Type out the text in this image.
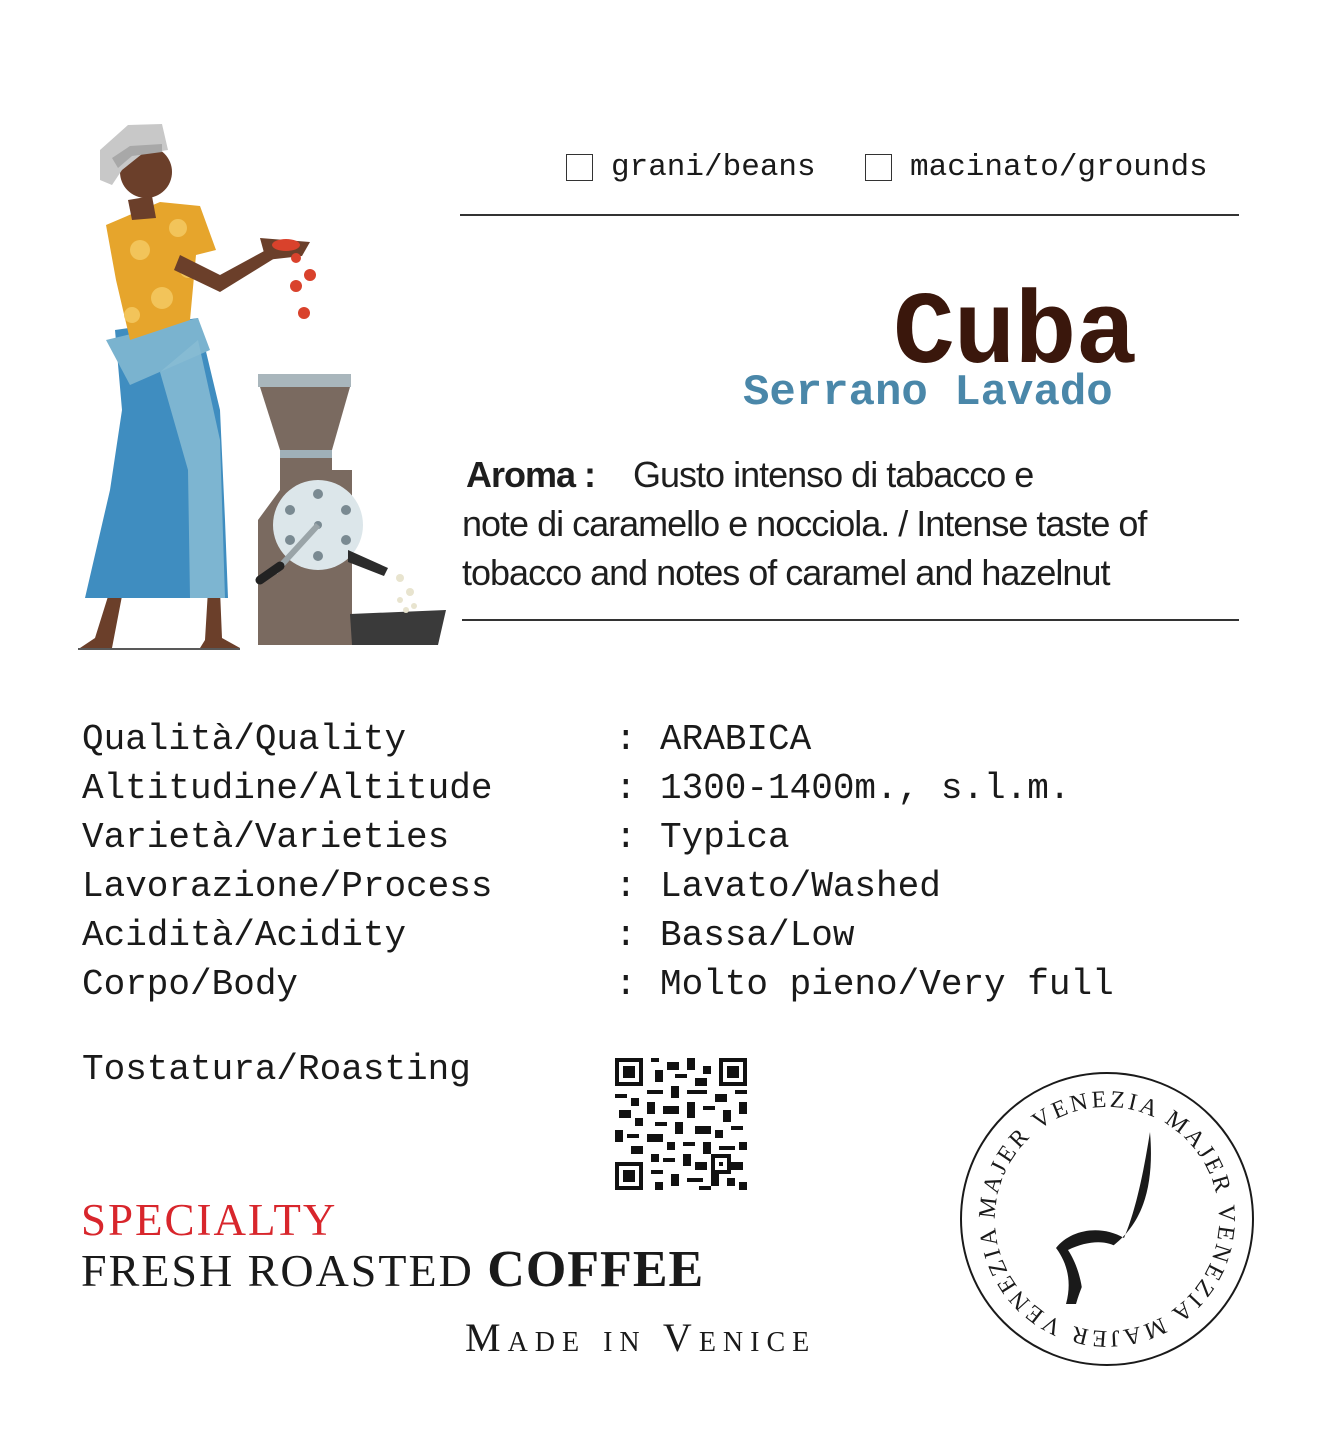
grani/beans	macinato/grounds
Cuba
Serrano Lavado
Aroma : Gusto intenso di tabacco e
note di caramello e nocciola. / Intense taste of
tobacco and notes of caramel and hazelnut
Qualità/Quality	: ARABICA
Altitudine/Altitude	: 1300-1400m., s.l.m.
Varietà/Varieties	: Typica
Lavorazione/Process	: Lavato/Washed
Acidità/Acidity	: Bassa/Low
Corpo/Body	: Molto pieno/Very full
Tostatura/Roasting
SPECIALTY
FRESH ROASTED COFFEE
Made in Venice
MAJER VENEZIA MAJER VENEZIA MAJER VENEZIA
